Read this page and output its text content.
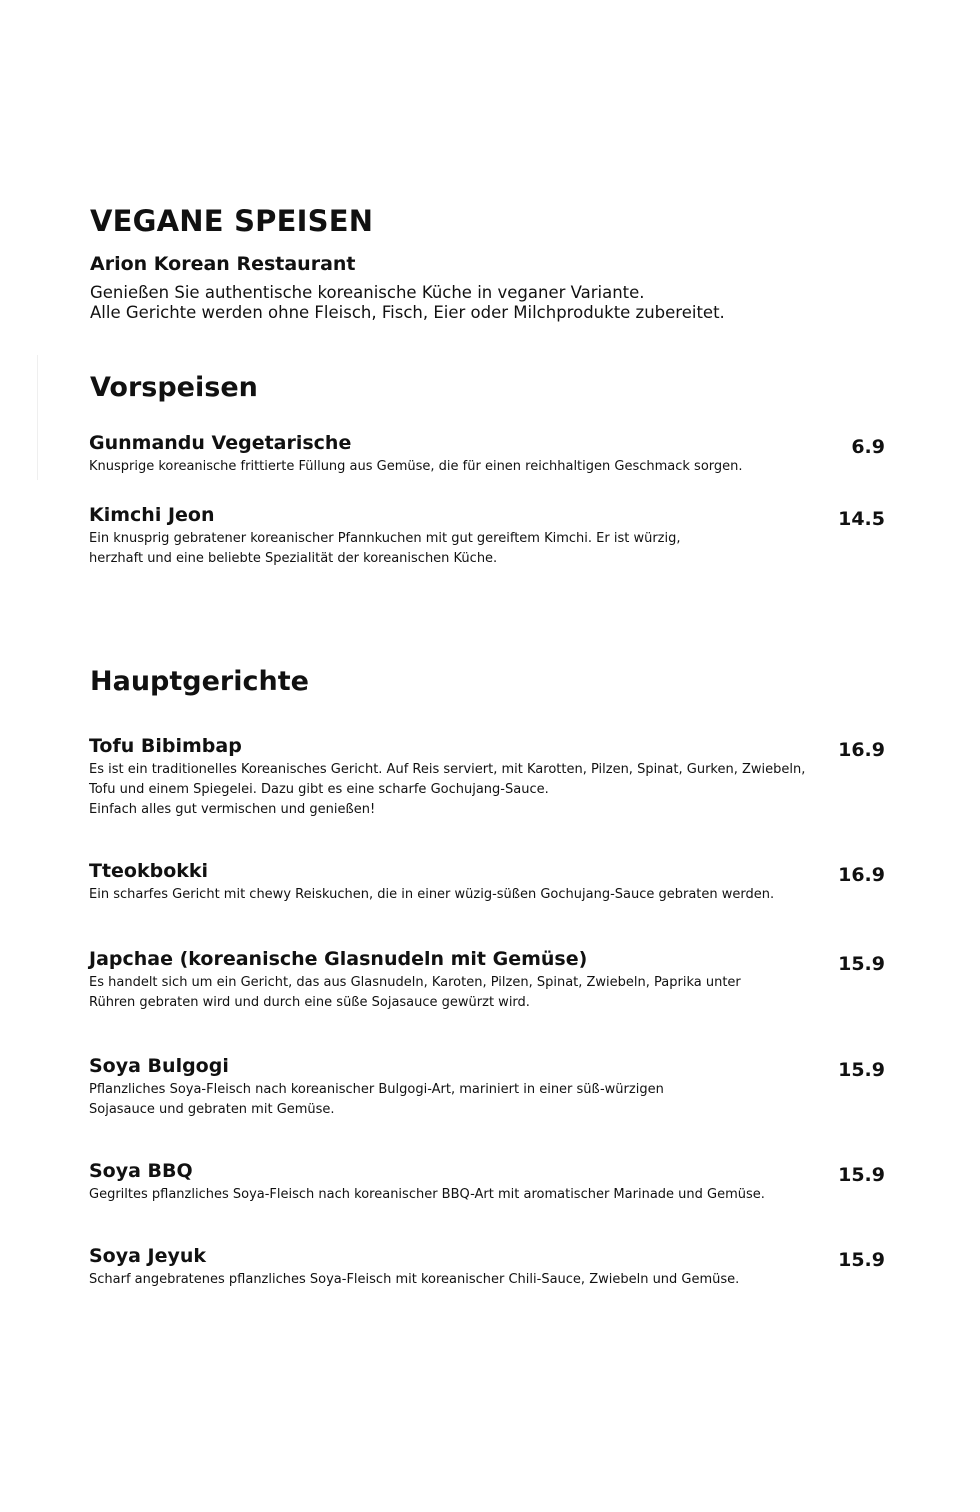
VEGANE SPEISEN
Arion Korean Restaurant
Genießen Sie authentische koreanische Küche in veganer Variante.
Alle Gerichte werden ohne Fleisch, Fisch, Eier oder Milchprodukte zubereitet.
Vorspeisen
Gunmandu Vegetarische
Knusprige koreanische frittierte Füllung aus Gemüse, die für einen reichhaltigen Geschmack sorgen.
6.9
Kimchi Jeon
Ein knusprig gebratener koreanischer Pfannkuchen mit gut gereiftem Kimchi. Er ist würzig,
herzhaft und eine beliebte Spezialität der koreanischen Küche.
14.5
Hauptgerichte
Tofu Bibimbap
Es ist ein traditionelles Koreanisches Gericht. Auf Reis serviert, mit Karotten, Pilzen, Spinat, Gurken, Zwiebeln,
Tofu und einem Spiegelei. Dazu gibt es eine scharfe Gochujang-Sauce.
Einfach alles gut vermischen und genießen!
16.9
Tteokbokki
Ein scharfes Gericht mit chewy Reiskuchen, die in einer wüzig-süßen Gochujang-Sauce gebraten werden.
16.9
Japchae (koreanische Glasnudeln mit Gemüse)
Es handelt sich um ein Gericht, das aus Glasnudeln, Karoten, Pilzen, Spinat, Zwiebeln, Paprika unter
Rühren gebraten wird und durch eine süße Sojasauce gewürzt wird.
15.9
Soya Bulgogi
Pflanzliches Soya-Fleisch nach koreanischer Bulgogi-Art, mariniert in einer süß-würzigen
Sojasauce und gebraten mit Gemüse.
15.9
Soya BBQ
Gegriltes pflanzliches Soya-Fleisch nach koreanischer BBQ-Art mit aromatischer Marinade und Gemüse.
15.9
Soya Jeyuk
Scharf angebratenes pflanzliches Soya-Fleisch mit koreanischer Chili-Sauce, Zwiebeln und Gemüse.
15.9
